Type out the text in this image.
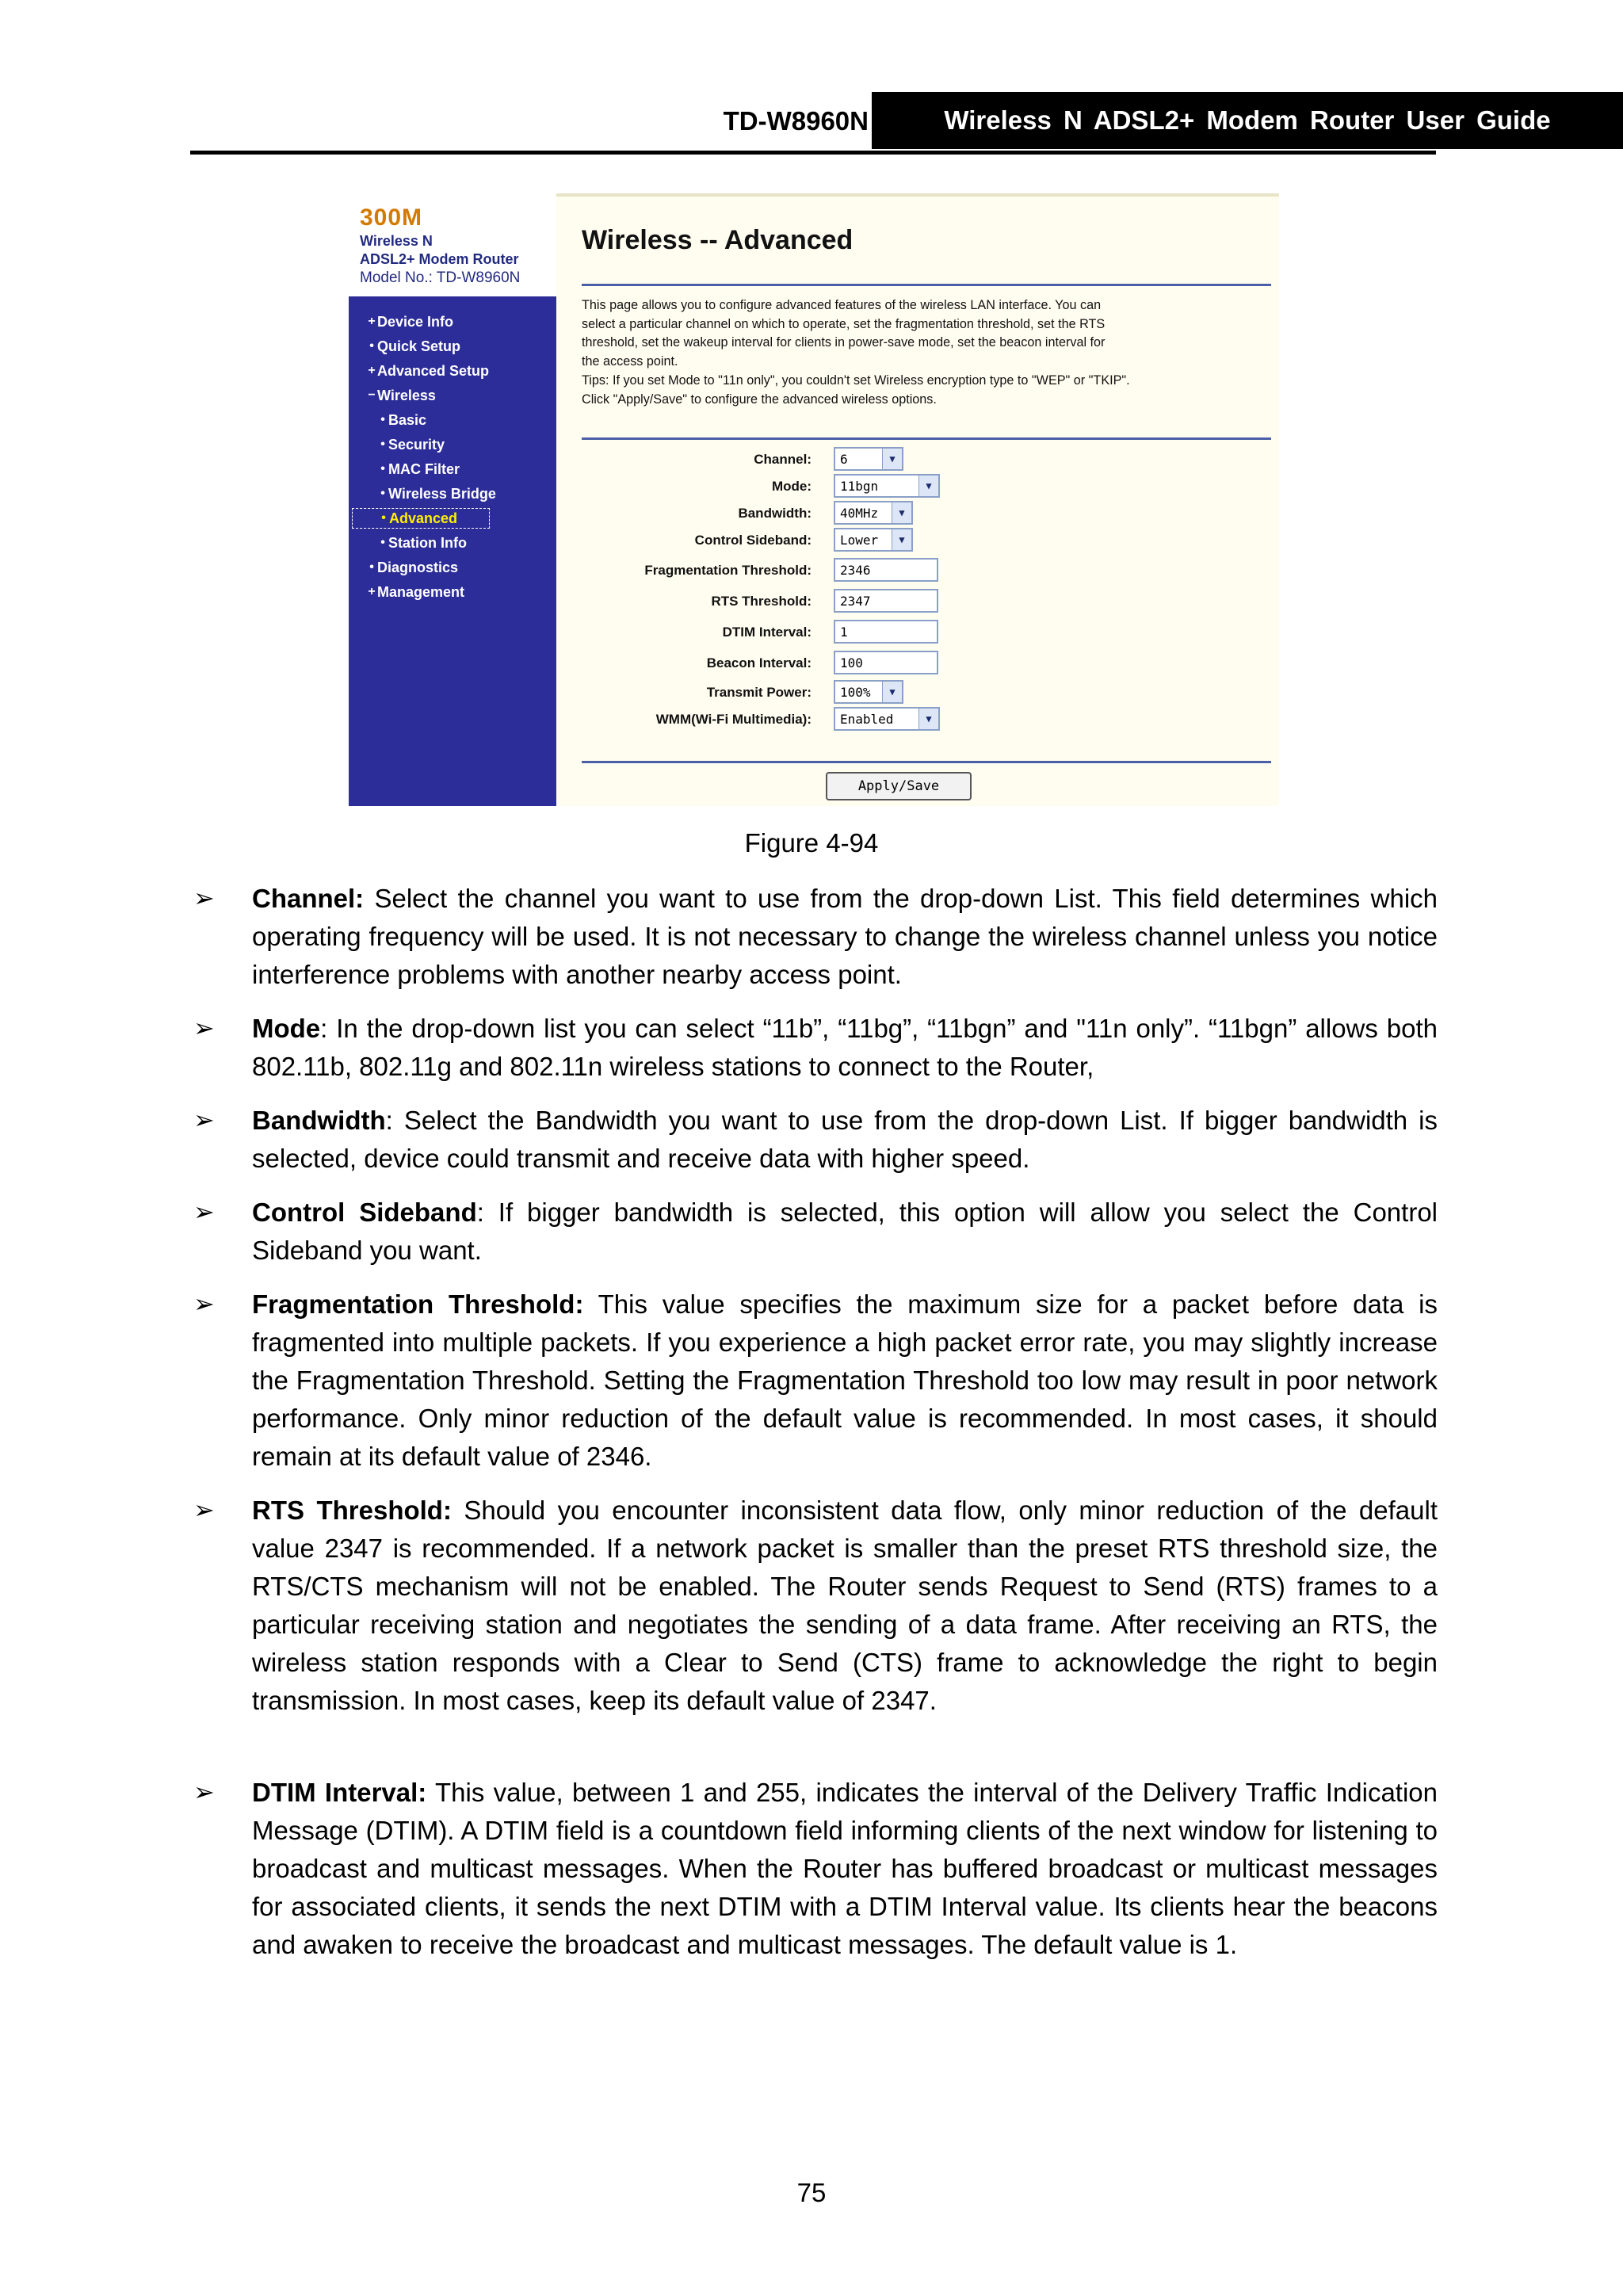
TD-W8960N	Wireless N ADSL2+ Modem Router User Guide
300M
Wireless N
ADSL2+ Modem Router
Model No.: TD-W8960N
+ Device Info
• Quick Setup
+ Advanced Setup
− Wireless
• Basic
• Security
• MAC Filter
• Wireless Bridge
• Advanced
• Station Info
• Diagnostics
+ Management
Wireless -- Advanced
This page allows you to configure advanced features of the wireless LAN interface. You can
select a particular channel on which to operate, set the fragmentation threshold, set the RTS
threshold, set the wakeup interval for clients in power-save mode, set the beacon interval for
the access point.
Tips: If you set Mode to "11n only", you couldn't set Wireless encryption type to "WEP" or "TKIP".
Click "Apply/Save" to configure the advanced wireless options.
Channel: 6	▼
Mode: 11bgn	▼
Bandwidth: 40MHz	▼
Control Sideband: Lower	▼
Fragmentation Threshold:	2346
RTS Threshold:	2347
DTIM Interval:	1
Beacon Interval:	100
Transmit Power: 100%	▼
WMM(Wi-Fi Multimedia): Enabled	▼
Apply/Save
Figure 4-94
➢ Channel: Select the channel you want to use from the drop-down List. This field determines which operating frequency will be used. It is not necessary to change the wireless channel unless you notice interference problems with another nearby access point.
➢ Mode: In the drop-down list you can select “11b”, “11bg”, “11bgn” and "11n only”. “11bgn” allows both 802.11b, 802.11g and 802.11n wireless stations to connect to the Router,
➢ Bandwidth: Select the Bandwidth you want to use from the drop-down List. If bigger bandwidth is selected, device could transmit and receive data with higher speed.
➢ Control Sideband: If bigger bandwidth is selected, this option will allow you select the Control Sideband you want.
➢ Fragmentation Threshold: This value specifies the maximum size for a packet before data is fragmented into multiple packets. If you experience a high packet error rate, you may slightly increase the Fragmentation Threshold. Setting the Fragmentation Threshold too low may result in poor network performance. Only minor reduction of the default value is recommended. In most cases, it should remain at its default value of 2346.
➢ RTS Threshold: Should you encounter inconsistent data flow, only minor reduction of the default value 2347 is recommended. If a network packet is smaller than the preset RTS threshold size, the RTS/CTS mechanism will not be enabled. The Router sends Request to Send (RTS) frames to a particular receiving station and negotiates the sending of a data frame. After receiving an RTS, the wireless station responds with a Clear to Send (CTS) frame to acknowledge the right to begin transmission. In most cases, keep its default value of 2347.
➢ DTIM Interval: This value, between 1 and 255, indicates the interval of the Delivery Traffic Indication Message (DTIM). A DTIM field is a countdown field informing clients of the next window for listening to broadcast and multicast messages. When the Router has buffered broadcast or multicast messages for associated clients, it sends the next DTIM with a DTIM Interval value. Its clients hear the beacons and awaken to receive the broadcast and multicast messages. The default value is 1.
75
